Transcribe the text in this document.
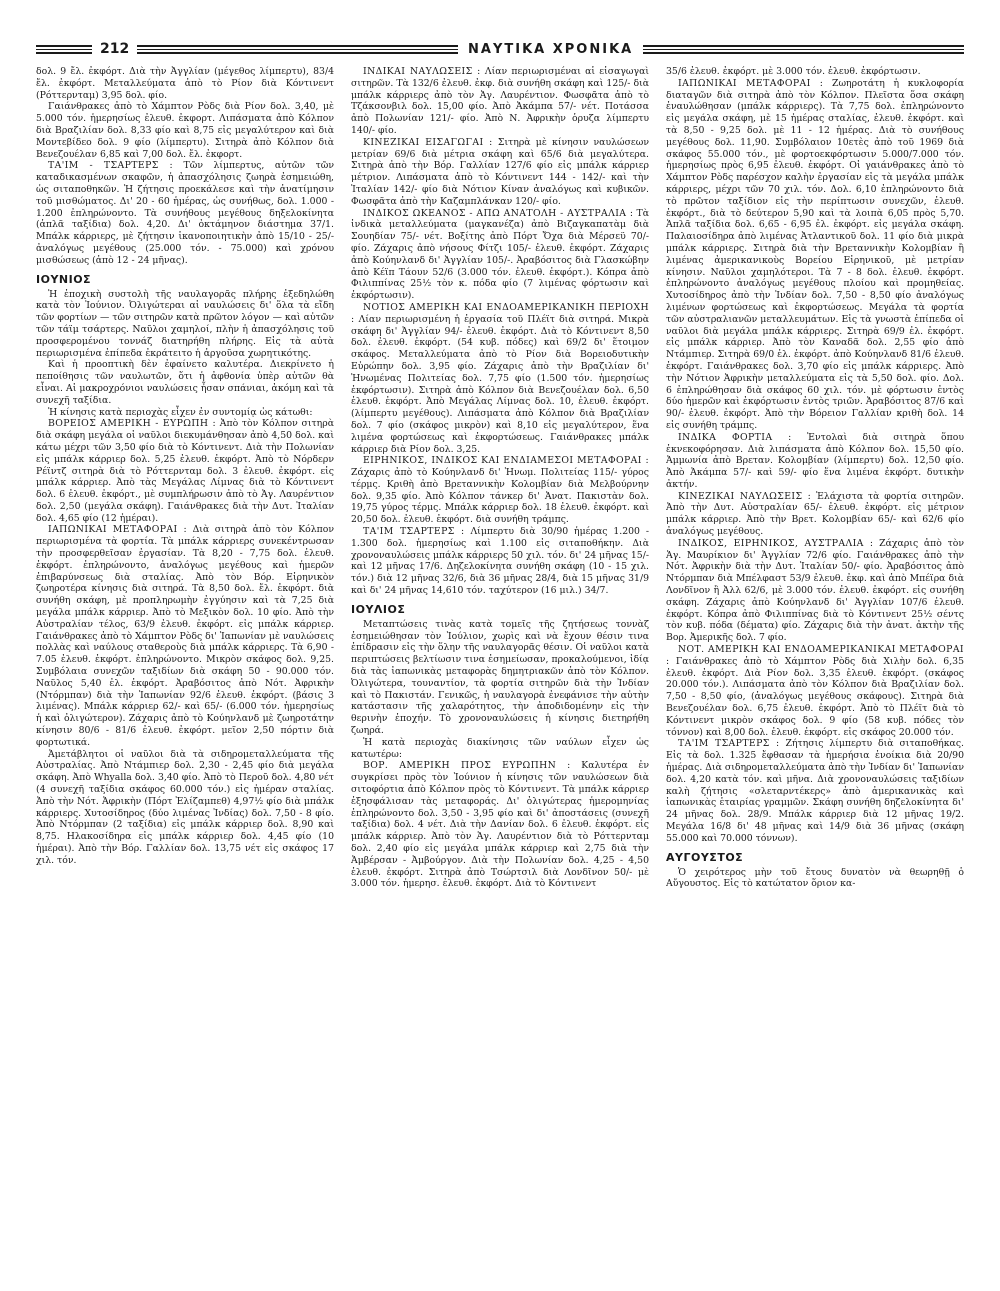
212	ΝΑΥΤΙΚΑ ΧΡΟΝΙΚΑ

δολ. 9 ἔλ. ἐκφόρτ. Διὰ τὴν Ἀγγλίαν (μέγεθος λίμπερτυ), 83/4 ἔλ. ἐκφόρτ. Μεταλλεύματα ἀπὸ τὸ Ρίον διὰ Κόντινεντ (Ρόττερνταμ) 3,95 δολ. φίο.

Γαιάνθρακες ἀπὸ τὸ Χάμπτον Ρὸδς διὰ Ρίον δολ. 3,40, μὲ 5.000 τόν. ἡμερησίως ἐλευθ. ἐκφορτ. Λιπάσματα ἀπὸ Κόλπον διὰ Βραζιλίαν δολ. 8,33 φίο καὶ 8,75 εἰς μεγαλύτερον καὶ διὰ Μοντεβίδεο δολ. 9 φίο (λίμπερτυ). Σιτηρὰ ἀπὸ Κόλπον διὰ Βενεζουέλαν 6,85 καὶ 7,00 δολ. ἔλ. ἐκφορτ.

ΤΑ'ΙΜ - ΤΣΑΡΤΕΡΣ : Τῶν λίμπερτυς, αὐτῶν τῶν καταδικασμένων σκαφῶν, ἡ ἀπασχόλησις ζωηρὰ ἐσημειώθη, ὡς σιταποθηκῶν. Ἡ ζήτησις προεκάλεσε καὶ τὴν ἀνατίμησιν τοῦ μισθώματος. Δι' 20 - 60 ἡμέρας, ὡς συνήθως, δολ. 1.000 - 1.200 ἐπληρώνοντο. Τὰ συνήθους μεγέθους δηξελοκίνητα (ἁπλᾶ ταξίδια) δολ. 4,20. Δι' ὀκτάμηνον διάστημα 37/1. Μπάλκ κάρριερς, μὲ ζήτησιν ἱκανοποιητικὴν ἀπὸ 15/10 - 25/- ἀναλόγως μεγέθους (25.000 τόν. - 75.000) καὶ χρόνου μισθώσεως (ἀπὸ 12 - 24 μῆνας).

ΙΟΥΝΙΟΣ

Ἡ ἐποχικὴ συστολὴ τῆς ναυλαγορᾶς πλήρης ἐξεδηλώθη κατὰ τὸν Ἰούνιον. Ὀλιγώτεραι αἱ ναυλώσεις δι' ὅλα τὰ εἴδη τῶν φορτίων — τῶν σιτηρῶν κατὰ πρῶτον λόγον — καὶ αὐτῶν τῶν τάϊμ τσάρτερς. Ναῦλοι χαμηλοί, πλὴν ἡ ἀπασχόλησις τοῦ προσφερομένου τοννάζ διατηρήθη πλήρης. Εἰς τὰ αὐτὰ περιωρισμένα ἐπίπεδα ἐκράτειτο ἡ ἀργοῦσα χωρητικότης.

Καὶ ἡ προοπτικὴ δὲν ἐφαίνετο καλυτέρα. Διεκρίνετο ἡ πεποίθησις τῶν ναυλωτῶν, ὅτι ἡ ἀφθονία ὑπὲρ αὐτῶν θὰ εἶναι. Αἱ μακροχρόνιοι ναυλώσεις ἦσαν σπάνιαι, ἀκόμη καὶ τὰ συνεχῆ ταξίδια.

Ἡ κίνησις κατὰ περιοχὰς εἶχεν ἐν συντομίᾳ ὡς κάτωθι:

ΒΟΡΕΙΟΣ ΑΜΕΡΙΚΗ - ΕΥΡΩΠΗ : Ἀπὸ τὸν Κόλπον σιτηρὰ διὰ σκάφη μεγάλα οἱ ναῦλοι διεκυμάνθησαν ἀπὸ 4,50 δολ. καὶ κάτω μέχρι τῶν 3,50 φίο διὰ τὸ Κόντινεντ. Διὰ τὴν Πολωνίαν εἰς μπάλκ κάρριερ δολ. 5,25 ἐλευθ. ἐκφόρτ. Ἀπὸ τὸ Νόρδερν Ρέϊντζ σιτηρὰ διὰ τὸ Ρόττερνταμ δολ. 3 ἐλευθ. ἐκφόρτ. εἰς μπάλκ κάρριερ. Ἀπὸ τὰς Μεγάλας Λίμνας διὰ τὸ Κόντινεντ δολ. 6 ἐλευθ. ἐκφόρτ., μὲ συμπλήρωσιν ἀπὸ τὸ Ἀγ. Λαυρέντιον δολ. 2,50 (μεγάλα σκάφη). Γαιάνθρακες διὰ τὴν Δυτ. Ἰταλίαν δολ. 4,65 φίο (12 ἡμέραι).

ΙΑΠΩΝΙΚΑΙ ΜΕΤΑΦΟΡΑΙ : Διὰ σιτηρὰ ἀπὸ τὸν Κόλπον περιωρισμένα τὰ φορτία. Τὰ μπάλκ κάρριερς συνεκέντρωσαν τὴν προσφερθεῖσαν ἐργασίαν. Τὰ 8,20 - 7,75 δολ. ἐλευθ. ἐκφόρτ. ἐπληρώνοντο, ἀναλόγως μεγέθους καὶ ἡμερῶν ἐπιβαρύνσεως διὰ σταλίας. Ἀπὸ τὸν Βόρ. Εἰρηνικὸν ζωηροτέρα κίνησις διὰ σιτηρά. Τὰ 8,50 δολ. ἔλ. ἐκφόρτ. διὰ συνήθη σκάφη, μὲ προπληρωμὴν ἐγγύησιν καὶ τὰ 7,25 διὰ μεγάλα μπάλκ κάρριερ. Ἀπὸ τὸ Μεξικὸν δολ. 10 φίο. Ἀπὸ τὴν Αὐστραλίαν τέλος, 63/9 ἐλευθ. ἐκφόρτ. εἰς μπάλκ κάρριερ. Γαιάνθρακες ἀπὸ τὸ Χάμπτον Ρὸδς δι' Ἰαπωνίαν μὲ ναυλώσεις πολλὰς καὶ ναύλους σταθεροὺς διὰ μπάλκ κάρριερς. Τὰ 6,90 - 7.05 ἐλευθ. ἐκφόρτ. ἐπληρώνοντο. Μικρὸν σκάφος δολ. 9,25. Συμβόλαια συνεχῶν ταξιδίων διὰ σκάφη 50 - 90.000 τόν. Ναῦλος 5,40 ἐλ. ἐκφόρτ. Ἀραβόσιτος ἀπὸ Νότ. Ἀφρικὴν (Ντόρμπαν) διὰ τὴν Ἰαπωνίαν 92/6 ἐλευθ. ἐκφόρτ. (βάσις 3 λιμένας). Μπάλκ κάρριερ 62/- καὶ 65/- (6.000 τόν. ἡμερησίως ἡ καὶ ὀλιγώτερον). Ζάχαρις ἀπὸ τὸ Κούηνλανδ μὲ ζωηροτάτην κίνησιν 80/6 - 81/6 ἐλευθ. ἐκφόρτ. μεῖον 2,50 πόρτιν διὰ φορτωτικά.

Ἀμετάβλητοι οἱ ναῦλοι διὰ τὰ σιδηρομεταλλεύματα τῆς Αὐστραλίας. Ἀπὸ Ντάμπιερ δολ. 2,30 - 2,45 φίο διὰ μεγάλα σκάφη. Ἀπὸ Whyalla δολ. 3,40 φίο. Ἀπὸ τὸ Περοῦ δολ. 4,80 νέτ (4 συνεχῆ ταξίδια σκάφος 60.000 τόν.) εἰς ἡμέραν σταλίας. Ἀπὸ τὴν Νότ. Ἀφρικὴν (Πόρτ Ἐλίζαμπεθ) 4,97½ φίο διὰ μπάλκ κάρριερς. Χυτοσίδηρος (δύο λιμένας Ἰνδίας) δολ. 7,50 - 8 φίο. Ἀπὸ Ντόρμπαν (2 ταξίδια) εἰς μπάλκ κάρριερ δολ. 8,90 καὶ 8,75. Ηλακοσίδηρα εἰς μπάλκ κάρριερ δολ. 4,45 φίο (10 ἡμέραι). Ἀπὸ τὴν Βόρ. Γαλλίαν δολ. 13,75 νέτ εἰς σκάφος 17 χιλ. τόν.

ΙΝΔΙΚΑΙ ΝΑΥΛΩΣΕΙΣ : Λίαν περιωρισμέναι αἱ εἰσαγωγαὶ σιτηρῶν. Τὰ 132/6 ἐλευθ. ἐκφ. διὰ συνήθη σκάφη καὶ 125/- διὰ μπάλκ κάρριερς ἀπὸ τὸν Ἀγ. Λαυρέντιον. Φωσφᾶτα ἀπὸ τὸ Τζάκσονβιλ δολ. 15,00 φίο. Ἀπὸ Ἀκάμπα 57/- νέτ. Ποτάσσα ἀπὸ Πολωνίαν 121/- φίο. Ἀπὸ Ν. Ἀφρικὴν ὁρυζα λίμπερτυ 140/- φίο.

ΚΙΝΕΖΙΚΑΙ ΕΙΣΑΓΩΓΑΙ : Σιτηρὰ μὲ κίνησιν ναυλώσεων μετρίαν 69/6 διὰ μέτρια σκάφη καὶ 65/6 διὰ μεγαλύτερα. Σιτηρὰ ἀπὸ τὴν Βόρ. Γαλλίαν 127/6 φίο εἰς μπάλκ κάρριερ μέτριον. Λιπάσματα ἀπὸ τὸ Κόντινεντ 144 - 142/- καὶ τὴν Ἰταλίαν 142/- φίο διὰ Νότιον Κίναν ἀναλόγως καὶ κυβικῶν. Φωσφᾶτα ἀπὸ τὴν Καζαμπλάνκαν 120/- φίο.

ΙΝΔΙΚΟΣ ΩΚΕΑΝΟΣ - ΑΠΩ ΑΝΑΤΟΛΗ - ΑΥΣΤΡΑΛΙΑ : Τὰ ἰνδικὰ μεταλλεύματα (μαγκανέζα) ἀπὸ Βιζαγκαπατὰμ διὰ Σουηδίαν 75/- νέτ. Βοξίτης ἀπὸ Πόρτ Ὄχα διὰ Μέρσεϋ 70/- φίο. Ζάχαρις ἀπὸ νήσους Φίτζι 105/- ἐλευθ. ἐκφόρτ. Ζάχαρις ἀπὸ Κούηνλανδ δι' Ἀγγλίαν 105/-. Ἀραβόσιτος διὰ Γλασκώβην ἀπὸ Κέϊπ Τάουν 52/6 (3.000 τόν. ἐλευθ. ἐκφόρτ.). Κόπρα ἀπὸ Φιλιππίνας 25½ τὸν κ. πόδα φίο (7 λιμένας φόρτωσιν καὶ ἐκφόρτωσιν).

ΝΟΤΙΟΣ ΑΜΕΡΙΚΗ ΚΑΙ ΕΝΔΟΑΜΕΡΙΚΑΝΙΚΗ ΠΕΡΙΟΧΗ : Λίαν περιωρισμένη ἡ ἐργασία τοῦ Πλέϊτ διὰ σιτηρά. Μικρὰ σκάφη δι' Ἀγγλίαν 94/- ἐλευθ. ἐκφόρτ. Διὰ τὸ Κόντινεντ 8,50 δολ. ἐλευθ. ἐκφόρτ. (54 κυβ. πόδες) καὶ 69/2 δι' ἕτοιμον σκάφος. Μεταλλεύματα ἀπὸ τὸ Ρίον διὰ Βορειοδυτικὴν Εὐρώπην δολ. 3,95 φίο. Ζάχαρις ἀπὸ τὴν Βραζιλίαν δι' Ἠνωμένας Πολιτείας δολ. 7,75 φίο (1.500 τόν. ἡμερησίως ἐκφόρτωσιν). Σιτηρὰ ἀπὸ Κόλπον διὰ Βενεζουέλαν δολ. 6,50 ἐλευθ. ἐκφόρτ. Ἀπὸ Μεγάλας Λίμνας δολ. 10, ἐλευθ. ἐκφόρτ. (λίμπερτυ μεγέθους). Λιπάσματα ἀπὸ Κόλπον διὰ Βραζιλίαν δολ. 7 φίο (σκάφος μικρὸν) καὶ 8,10 εἰς μεγαλύτερον, ἕνα λιμένα φορτώσεως καὶ ἐκφορτώσεως. Γαιάνθρακες μπάλκ κάρριερ διὰ Ρίον δολ. 3,25.

ΕΙΡΗΝΙΚΟΣ, ΙΝΔΙΚΟΣ ΚΑΙ ΕΝΔΙΑΜΕΣΟΙ ΜΕΤΑΦΟΡΑΙ : Ζάχαρις ἀπὸ τὸ Κούηνλανδ δι' Ἡνωμ. Πολιτείας 115/- γύρος τέρμς. Κριθὴ ἀπὸ Βρεταννικὴν Κολομβίαν διὰ Μελβούρνην δολ. 9,35 φίο. Ἀπὸ Κόλπον τάνκερ δι' Ἀνατ. Πακιστὰν δολ. 19,75 γύρος τέρμς. Μπάλκ κάρριερ δολ. 18 ἐλευθ. ἐκφόρτ. καὶ 20,50 δολ. ἐλευθ. ἐκφόρτ. διὰ συνήθη τράμπς.

ΤΑ'ΙΜ ΤΣΑΡΤΕΡΣ : Λίμπερτυ διὰ 30/90 ἡμέρας 1.200 - 1.300 δολ. ἡμερησίως καὶ 1.100 εἰς σιταποθήκην. Διὰ χρονοναυλώσεις μπάλκ κάρριερς 50 χιλ. τόν. δι' 24 μῆνας 15/- καὶ 12 μῆνας 17/6. Δηζελοκίνητα συνήθη σκάφη (10 - 15 χιλ. τόν.) διὰ 12 μῆνας 32/6, διὰ 36 μῆνας 28/4, διὰ 15 μῆνας 31/9 καὶ δι' 24 μῆνας 14,610 τόν. ταχύτερον (16 μιλ.) 34/7.

ΙΟΥΛΙΟΣ

Μεταπτώσεις τινὰς κατὰ τομεῖς τῆς ζητήσεως τοννὰζ ἐσημειώθησαν τὸν Ἰούλιον, χωρὶς καὶ νὰ ἔχουν θέσιν τινα ἐπίδρασιν εἰς τὴν ὅλην τῆς ναυλαγορᾶς θέσιν. Οἱ ναῦλοι κατὰ περιπτώσεις βελτίωσιν τινα ἐσημείωσαν, προκαλούμενοι, ἰδίᾳ διὰ τὰς ἰαπωνικὰς μεταφορὰς δημητριακῶν ἀπὸ τὸν Κόλπον. Ὀλιγώτερα, τουναντίον, τὰ φορτία σιτηρῶν διὰ τὴν Ἰνδίαν καὶ τὸ Πακιστάν. Γενικῶς, ἡ ναυλαγορὰ ἐνεφάνισε τὴν αὐτὴν κατάστασιν τῆς χαλαρότητος, τὴν ἀποδιδομένην εἰς τὴν θερινὴν ἐποχήν. Τὸ χρονοναυλώσεις ἡ κίνησις διετηρήθη ζωηρά.

Ἡ κατὰ περιοχὰς διακίνησις τῶν ναύλων εἶχεν ὡς κατωτέρω:

ΒΟΡ. ΑΜΕΡΙΚΗ ΠΡΟΣ ΕΥΡΩΠΗΝ : Καλυτέρα ἐν συγκρίσει πρὸς τὸν Ἰούνιον ἡ κίνησις τῶν ναυλώσεων διὰ σιτοφόρτια ἀπὸ Κόλπον πρὸς τὸ Κόντινεντ. Τὰ μπάλκ κάρριερ ἐξησφάλισαν τὰς μεταφοράς. Δι' ὀλιγώτερας ἡμερομηνίας ἐπληρώνοντο δολ. 3,50 - 3,95 φίο καὶ δι' ἀποστάσεις (συνεχῆ ταξίδια) δολ. 4 νέτ. Διὰ τὴν Δανίαν δολ. 6 ἐλευθ. ἐκφόρτ. εἰς μπάλκ κάρριερ. Ἀπὸ τὸν Ἁγ. Λαυρέντιον διὰ τὸ Ρόττερνταμ δολ. 2,40 φίο εἰς μεγάλα μπάλκ κάρριερ καὶ 2,75 διὰ τὴν Ἀμβέρσαν - Ἀμβούργον. Διὰ τὴν Πολωνίαν δολ. 4,25 - 4,50 ἐλευθ. ἐκφόρτ. Σιτηρὰ ἀπὸ Τσώρτσιλ διὰ Λονδῖνον 50/- μὲ 3.000 τόν. ἡμερησ. ἐλευθ. ἐκφόρτ. Διὰ τὸ Κόντινεντ

35/6 ἐλευθ. ἐκφόρτ. μὲ 3.000 τόν. ἐλευθ. ἐκφόρτωσιν.

ΙΑΠΩΝΙΚΑΙ ΜΕΤΑΦΟΡΑΙ : Ζωηροτάτη ἡ κυκλοφορία διαταγῶν διὰ σιτηρὰ ἀπὸ τὸν Κόλπον. Πλεῖστα ὅσα σκάφη ἐναυλώθησαν (μπάλκ κάρριερς). Τὰ 7,75 δολ. ἐπληρώνοντο εἰς μεγάλα σκάφη, μὲ 15 ἡμέρας σταλίας, ἐλευθ. ἐκφόρτ. καὶ τὰ 8,50 - 9,25 δολ. μὲ 11 - 12 ἡμέρας. Διὰ τὸ συνήθους μεγέθους δολ. 11,90. Συμβόλαιον 10ετὲς ἀπὸ τοῦ 1969 διὰ σκάφος 55.000 τόν., μὲ φορτοεκφόρτωσιν 5.000/7.000 τόν. ἡμερησίως πρὸς 6,95 ἐλευθ. ἐκφόρτ. Οἱ γαιάνθρακες ἀπὸ τὸ Χάμπτον Ρὸδς παρέσχον καλὴν ἐργασίαν εἰς τὰ μεγάλα μπάλκ κάρριερς, μέχρι τῶν 70 χιλ. τόν. Δολ. 6,10 ἐπληρώνοντο διὰ τὸ πρῶτον ταξίδιον εἰς τὴν περίπτωσιν συνεχῶν, ἐλευθ. ἐκφόρτ., διὰ τὸ δεύτερον 5,90 καὶ τὰ λοιπὰ 6,05 πρὸς 5,70. Ἁπλᾶ ταξίδια δολ. 6,65 - 6,95 ἐλ. ἐκφόρτ. εἰς μεγάλα σκάφη. Παλαιοσίδηρα ἀπὸ λιμένας Ἀτλαντικοῦ δολ. 11 φίο διὰ μικρὰ μπάλκ κάρριερς. Σιτηρὰ διὰ τὴν Βρεταννικὴν Κολομβίαν ἢ λιμένας ἀμερικανικοὺς Βορείου Εἰρηνικοῦ, μὲ μετρίαν κίνησιν. Ναῦλοι χαμηλότεροι. Τὰ 7 - 8 δολ. ἐλευθ. ἐκφόρτ. ἐπληρώνοντο ἀναλόγως μεγέθους πλοίου καὶ προμηθείας. Χυτοσίδηρος ἀπὸ τὴν Ἰνδίαν δολ. 7,50 - 8,50 φίο ἀναλόγως λιμένων φορτώσεως καὶ ἐκφορτώσεως. Μεγάλα τὰ φορτία τῶν αὐστραλιανῶν μεταλλευμάτων. Εἰς τὰ γνωστὰ ἐπίπεδα οἱ ναῦλοι διὰ μεγάλα μπάλκ κάρριερς. Σιτηρὰ 69/9 ἐλ. ἐκφόρτ. εἰς μπάλκ κάρριερ. Ἀπὸ τὸν Καναδᾶ δολ. 2,55 φίο ἀπὸ Ντάμπιερ. Σιτηρὰ 69/0 ἐλ. ἐκφόρτ. ἀπὸ Κούηνλανδ 81/6 ἐλευθ. ἐκφόρτ. Γαιάνθρακες δολ. 3,70 φίο εἰς μπάλκ κάρριερς. Ἀπὸ τὴν Νότιον Ἀφρικὴν μεταλλεύματα εἰς τὰ 5,50 δολ. φίο. Δολ. 6 ἐπληρώθησαν διὰ σκάφος 60 χιλ. τόν. μὲ φόρτωσιν ἐντὸς δύο ἡμερῶν καὶ ἐκφόρτωσιν ἐντὸς τριῶν. Ἀραβόσιτος 87/6 καὶ 90/- ἐλευθ. ἐκφόρτ. Ἀπὸ τὴν Βόρειον Γαλλίαν κριθὴ δολ. 14 εἰς συνήθη τράμπς.

ΙΝΔΙΚΑ ΦΟΡΤΙΑ : Ἐντολαὶ διὰ σιτηρὰ ὅπου ἐκνεκοφόρησαν. Διὰ λιπάσματα ἀπὸ Κόλπον δολ. 15,50 φίο. Ἀμμωνία ἀπὸ Βρεταν. Κολομβίαν (λίμπερτυ) δολ. 12,50 φίο. Ἀπὸ Ἀκάμπα 57/- καὶ 59/- φίο ἕνα λιμένα ἐκφόρτ. δυτικὴν ἀκτήν.

ΚΙΝΕΖΙΚΑΙ ΝΑΥΛΩΣΕΙΣ : Ἐλάχιστα τὰ φορτία σιτηρῶν. Ἀπὸ τὴν Δυτ. Αὐστραλίαν 65/- ἐλευθ. ἐκφόρτ. εἰς μέτριον μπάλκ κάρριερ. Ἀπὸ τὴν Βρετ. Κολομβίαν 65/- καὶ 62/6 φίο ἀναλόγως μεγέθους.

ΙΝΔΙΚΟΣ, ΕΙΡΗΝΙΚΟΣ, ΑΥΣΤΡΑΛΙΑ : Ζάχαρις ἀπὸ τὸν Ἁγ. Μαυρίκιον δι' Ἀγγλίαν 72/6 φίο. Γαιάνθρακες ἀπὸ τὴν Νότ. Ἀφρικὴν διὰ τὴν Δυτ. Ἰταλίαν 50/- φίο. Ἀραβόσιτος ἀπὸ Ντόρμπαν διὰ Μπέλφαστ 53/9 ἐλευθ. ἐκφ. καὶ ἀπὸ Μπέϊρα διὰ Λονδῖνον ἢ Ἀλλ 62/6, μὲ 3.000 τόν. ἐλευθ. ἐκφόρτ. εἰς συνήθη σκάφη. Ζάχαρις ἀπὸ Κούηνλανδ δι' Ἀγγλίαν 107/6 ἐλευθ. ἐκφόρτ. Κόπρα ἀπὸ Φιλιππίνας διὰ τὸ Κόντινεντ 25½ σέντς τὸν κυβ. πόδα (δέματα) φίο. Ζάχαρις διὰ τὴν ἀνατ. ἀκτὴν τῆς Βορ. Ἀμερικῆς δολ. 7 φίο.

ΝΟΤ. ΑΜΕΡΙΚΗ ΚΑΙ ΕΝΔΟΑΜΕΡΙΚΑΝΙΚΑΙ ΜΕΤΑΦΟΡΑΙ : Γαιάνθρακες ἀπὸ τὸ Χάμπτον Ρὸδς διὰ Χιλὴν δολ. 6,35 ἐλευθ. ἐκφόρτ. Διὰ Ρίον δολ. 3,35 ἐλευθ. ἐκφόρτ. (σκάφος 20.000 τόν.). Λιπάσματα ἀπὸ τὸν Κόλπον διὰ Βραζιλίαν δολ. 7,50 - 8,50 φίο, (ἀναλόγως μεγέθους σκάφους). Σιτηρὰ διὰ Βενεζουέλαν δολ. 6,75 ἐλευθ. ἐκφόρτ. Ἀπὸ τὸ Πλέϊτ διὰ τὸ Κόντινεντ μικρὸν σκάφος δολ. 9 φίο (58 κυβ. πόδες τὸν τόννον) καὶ 8,00 δολ. ἐλευθ. ἐκφόρτ. εἰς σκάφος 20.000 τόν.

ΤΑ'ΙΜ ΤΣΑΡΤΕΡΣ : Ζήτησις λίμπερτυ διὰ σιταποθήκας. Εἰς τὰ δολ. 1.325 ἔφθασαν τὰ ἡμερήσια ἐνοίκια διὰ 20/90 ἡμέρας. Διὰ σιδηρομεταλλεύματα ἀπὸ τὴν Ἰνδίαν δι' Ἰαπωνίαν δολ. 4,20 κατὰ τόν. καὶ μῆνα. Διὰ χρονοναυλώσεις ταξιδίων καλὴ ζήτησις «σλεταρντέκερς» ἀπὸ ἀμερικανικὰς καὶ ἰαπωνικὰς ἑταιρίας γραμμῶν. Σκάφη συνήθη δηζελοκίνητα δι' 24 μῆνας δολ. 28/9. Μπάλκ κάρριερ διὰ 12 μῆνας 19/2. Μεγάλα 16/8 δι' 48 μῆνας καὶ 14/9 διὰ 36 μῆνας (σκάφη 55.000 καὶ 70.000 τόννων).

ΑΥΓΟΥΣΤΟΣ

Ὁ χειρότερος μὴν τοῦ ἔτους δυνατὸν νὰ θεωρηθῇ ὁ Αὔγουστος. Εἰς τὸ κατώτατον ὅριον κα-
